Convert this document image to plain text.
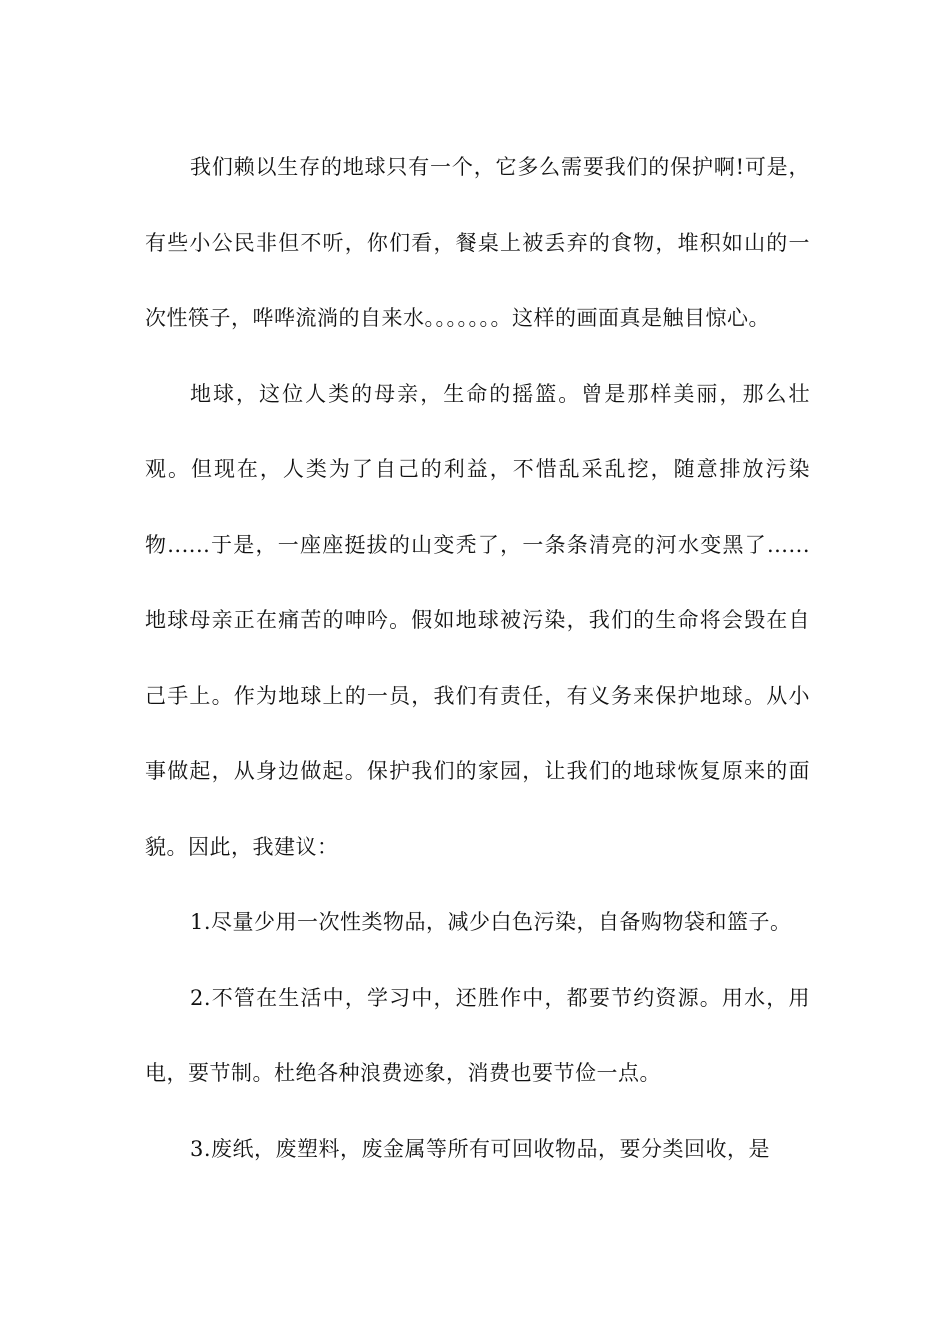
我们赖以生存的地球只有一个，它多么需要我们的保护啊!可是，有些小公民非但不听，你们看，餐桌上被丢弃的食物，堆积如山的一次性筷子，哗哗流淌的自来水。。。。。。。这样的画面真是触目惊心。

地球，这位人类的母亲，生命的摇篮。曾是那样美丽，那么壮观。但现在，人类为了自己的利益，不惜乱采乱挖，随意排放污染物......于是，一座座挺拔的山变秃了，一条条清亮的河水变黑了......地球母亲正在痛苦的呻吟。假如地球被污染，我们的生命将会毁在自己手上。作为地球上的一员，我们有责任，有义务来保护地球。从小事做起，从身边做起。保护我们的家园，让我们的地球恢复原来的面貌。因此，我建议：

1.尽量少用一次性类物品，减少白色污染，自备购物袋和篮子。

2.不管在生活中，学习中，还胜作中，都要节约资源。用水，用电，要节制。杜绝各种浪费迹象，消费也要节俭一点。

3.废纸，废塑料，废金属等所有可回收物品，要分类回收，是
